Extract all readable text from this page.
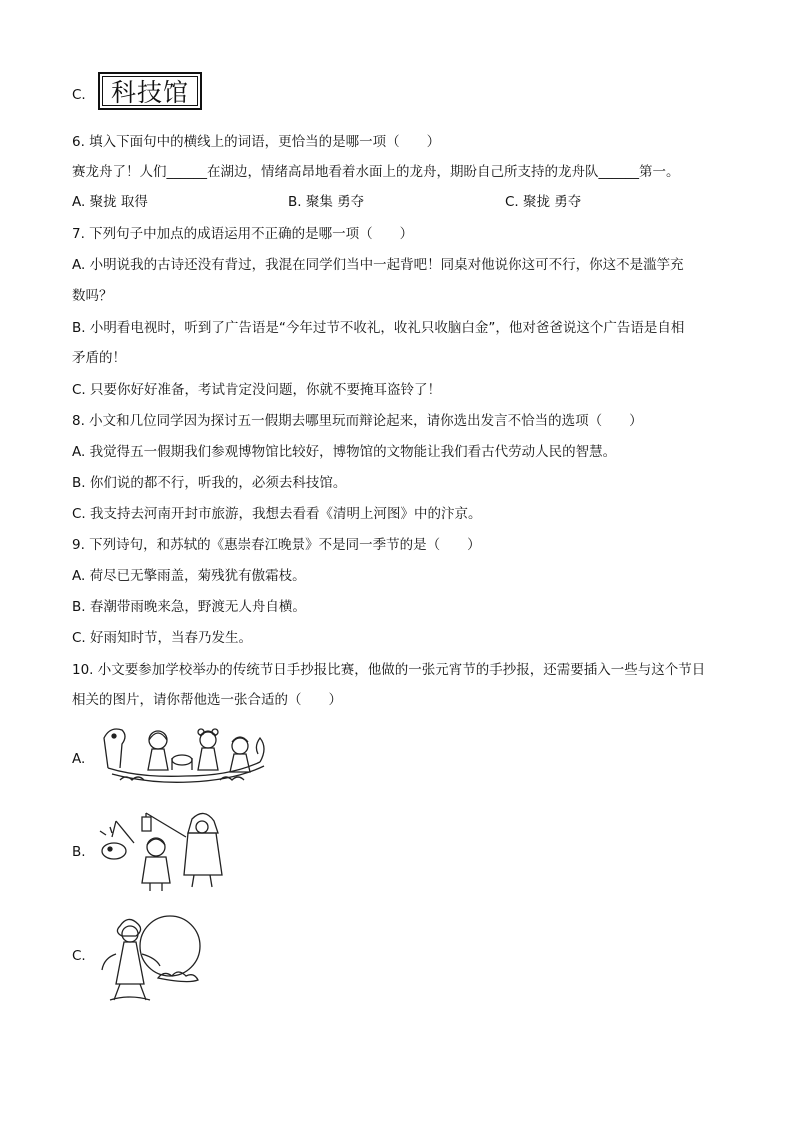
C. 科技馆
6. 填入下面句中的横线上的词语，更恰当的是哪一项（　　）
赛龙舟了！人们______在湖边，情绪高昂地看着水面上的龙舟，期盼自己所支持的龙舟队______第一。
A. 聚拢 取得	B. 聚集 勇夺	C. 聚拢 勇夺
7. 下列句子中加点的成语运用不正确的是哪一项（　　）
A. 小明说我的古诗还没有背过，我混在同学们当中一起背吧！同桌对他说你这可不行，你这不是滥竽充
数吗？
B. 小明看电视时，听到了广告语是“今年过节不收礼，收礼只收脑白金”，他对爸爸说这个广告语是自相
矛盾的！
C. 只要你好好准备，考试肯定没问题，你就不要掩耳盗铃了！
8. 小文和几位同学因为探讨五一假期去哪里玩而辩论起来，请你选出发言不恰当的选项（　　）
A. 我觉得五一假期我们参观博物馆比较好，博物馆的文物能让我们看古代劳动人民的智慧。
B. 你们说的都不行，听我的，必须去科技馆。
C. 我支持去河南开封市旅游，我想去看看《清明上河图》中的汴京。
9. 下列诗句，和苏轼的《惠崇春江晚景》不是同一季节的是（　　）
A. 荷尽已无擎雨盖，菊残犹有傲霜枝。
B. 春潮带雨晚来急，野渡无人舟自横。
C. 好雨知时节，当春乃发生。
10. 小文要参加学校举办的传统节日手抄报比赛，他做的一张元宵节的手抄报，还需要插入一些与这个节日
相关的图片，请你帮他选一张合适的（　　）
A.
B.
C.
